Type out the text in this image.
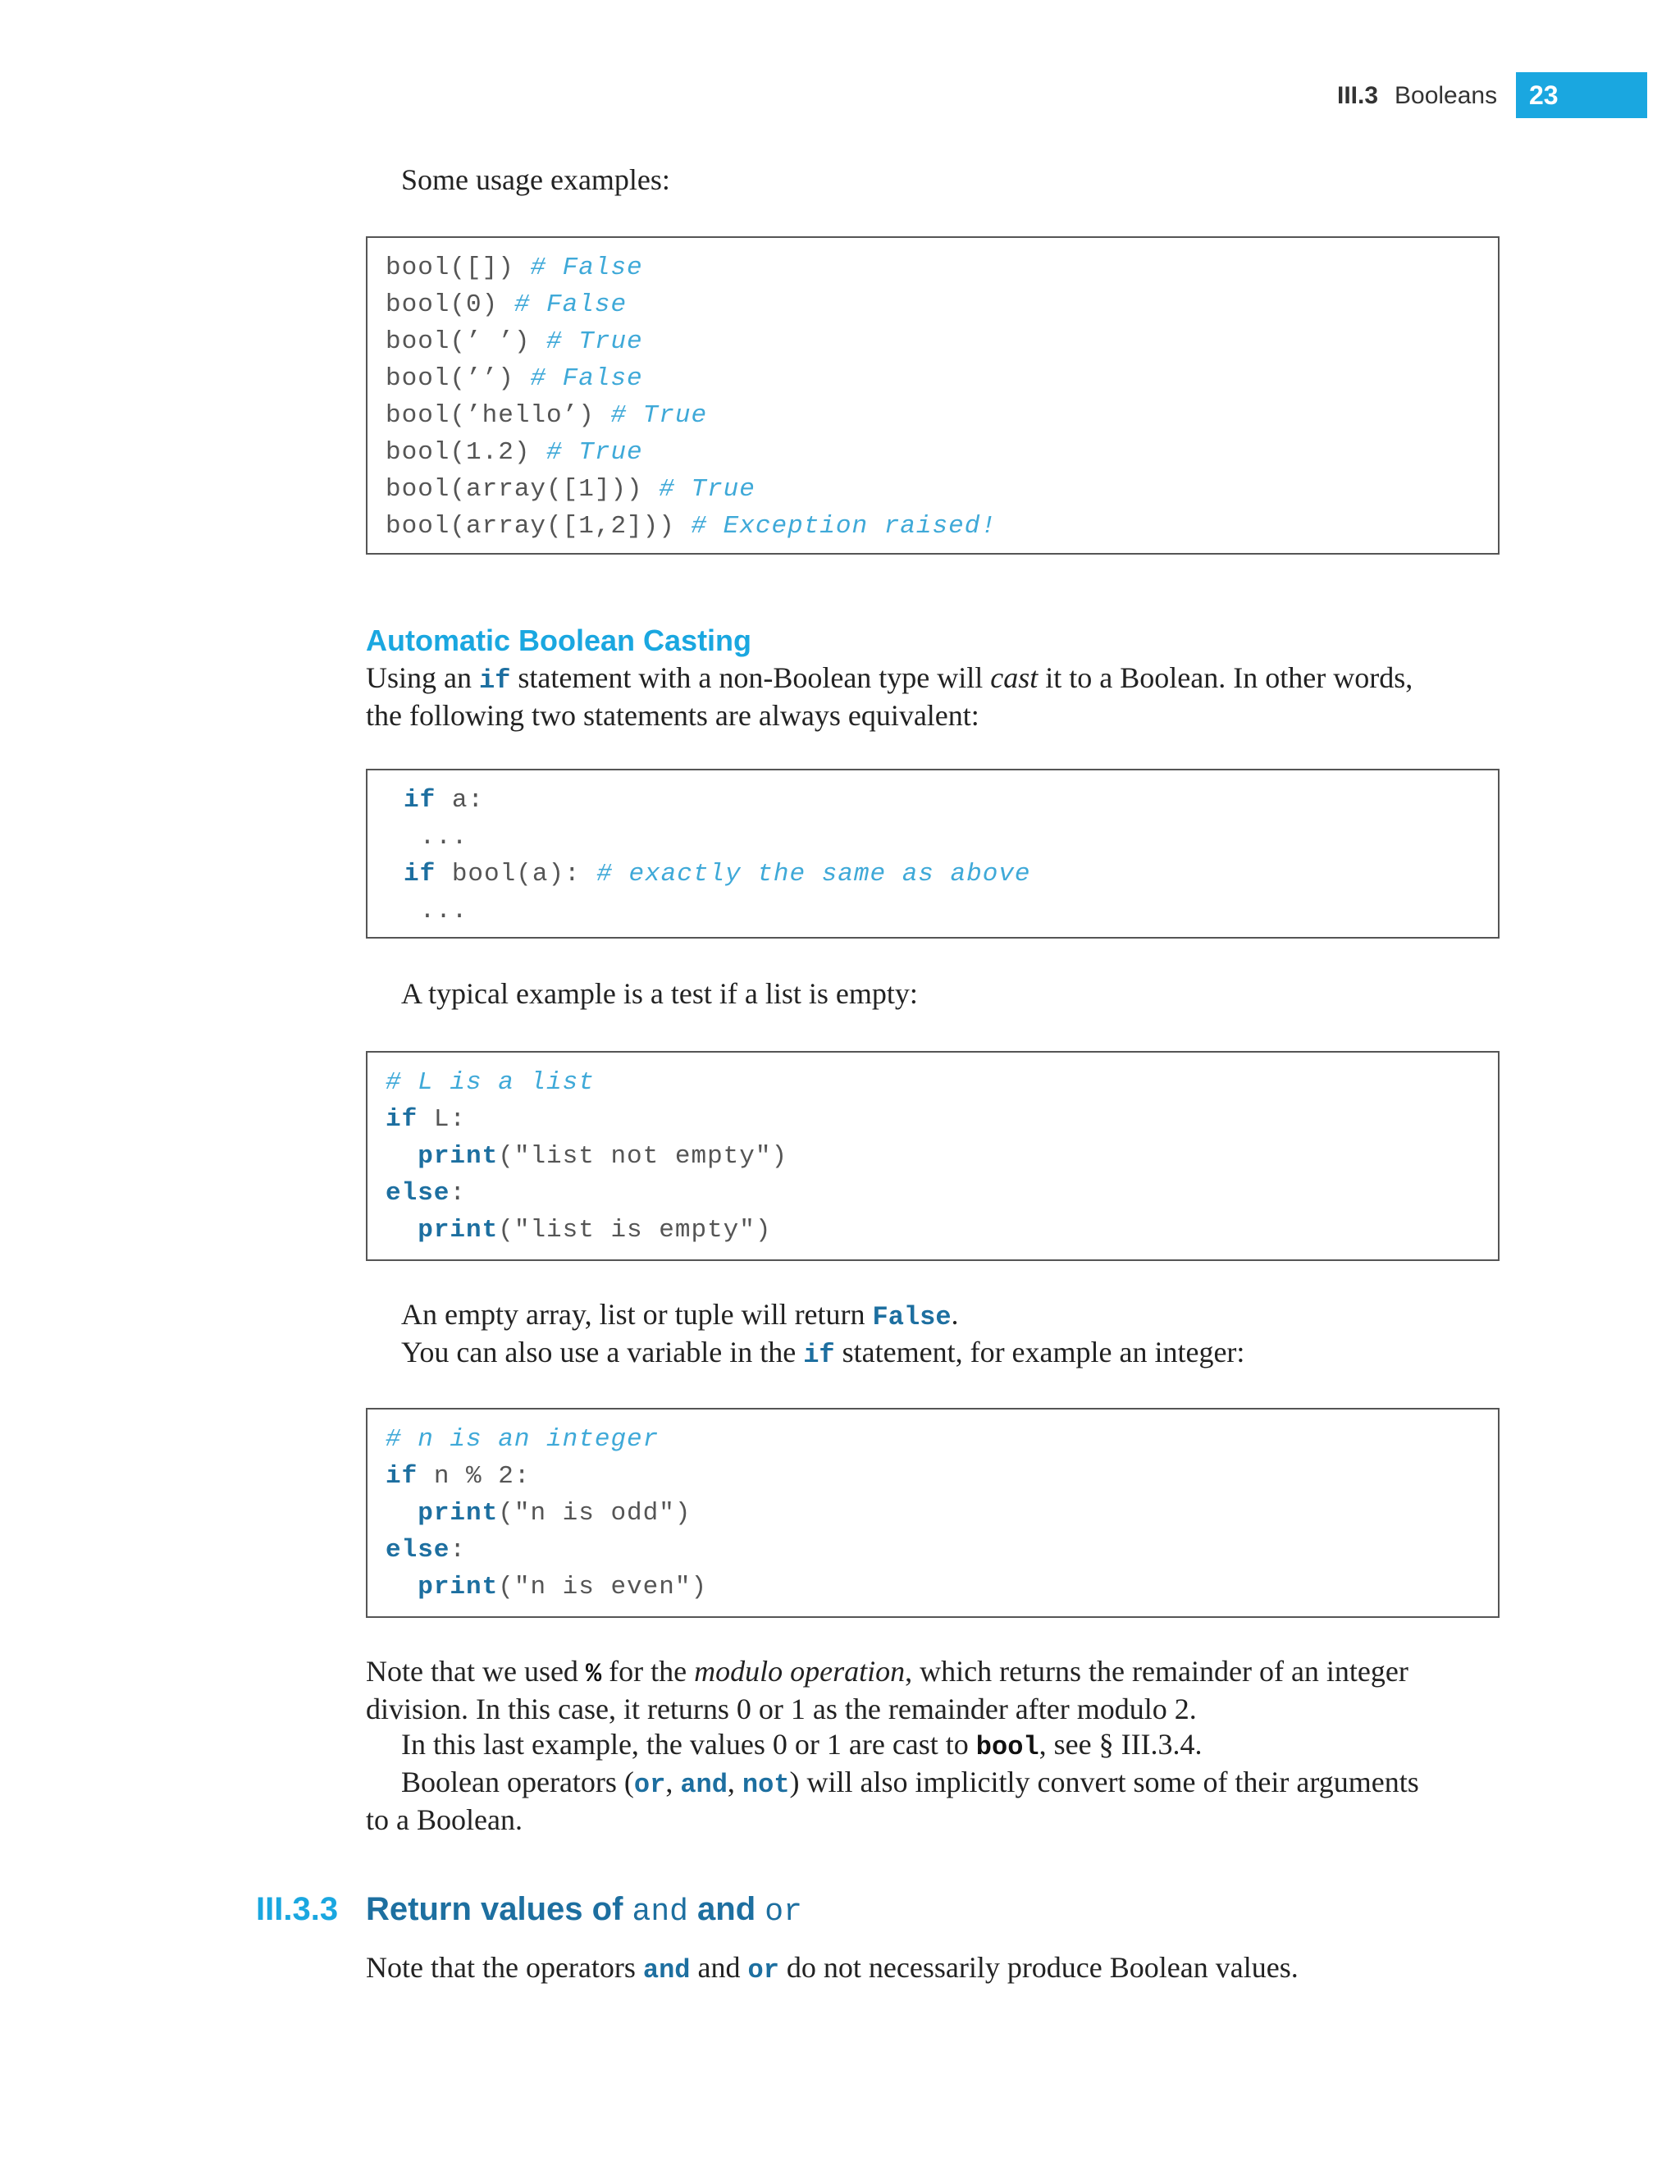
III.3 Booleans	23
Some usage examples:
bool([]) # False
bool(0) # False
bool(’ ’) # True
bool(’’) # False
bool(’hello’) # True
bool(1.2) # True
bool(array([1])) # True
bool(array([1,2])) # Exception raised!
Automatic Boolean Casting
Using an if statement with a non-Boolean type will cast it to a Boolean. In other words,
the following two statements are always equivalent:
if a:
...
if bool(a): # exactly the same as above
...
A typical example is a test if a list is empty:
# L is a list
if L:
print("list not empty")
else:
print("list is empty")
An empty array, list or tuple will return False.
You can also use a variable in the if statement, for example an integer:
# n is an integer
if n % 2:
print("n is odd")
else:
print("n is even")
Note that we used % for the modulo operation, which returns the remainder of an integer
division. In this case, it returns 0 or 1 as the remainder after modulo 2.
In this last example, the values 0 or 1 are cast to bool, see § III.3.4.
Boolean operators (or, and, not) will also implicitly convert some of their arguments
to a Boolean.
III.3.3 Return values of and and or
Note that the operators and and or do not necessarily produce Boolean values.
